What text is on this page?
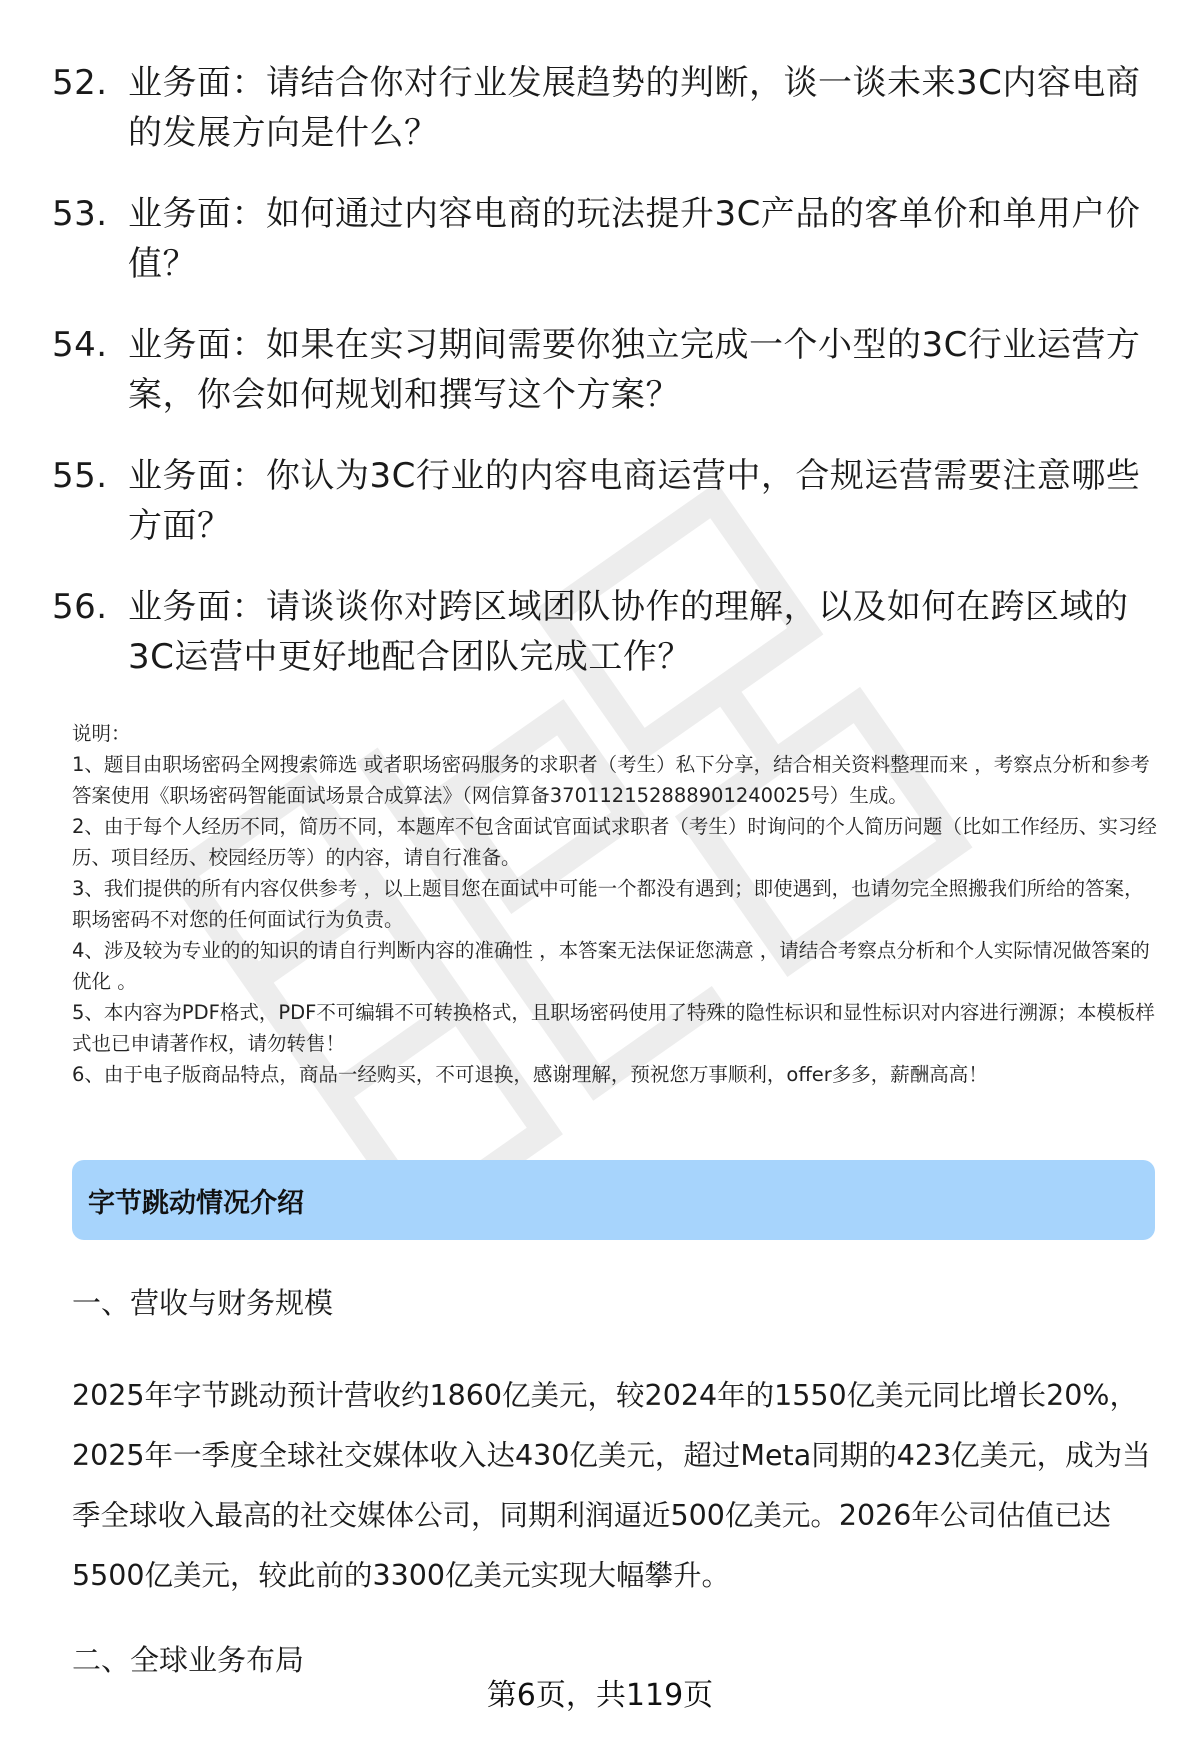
52. 业务面：请结合你对行业发展趋势的判断，谈一谈未来3C内容电商的发展方向是什么？
53. 业务面：如何通过内容电商的玩法提升3C产品的客单价和单用户价值？
54. 业务面：如果在实习期间需要你独立完成一个小型的3C行业运营方案，你会如何规划和撰写这个方案？
55. 业务面：你认为3C行业的内容电商运营中，合规运营需要注意哪些方面？
56. 业务面：请谈谈你对跨区域团队协作的理解，以及如何在跨区域的3C运营中更好地配合团队完成工作？

说明：

1、题目由职场密码全网搜索筛选 或者职场密码服务的求职者（考生）私下分享，结合相关资料整理而来 ，考察点分析和参考答案使用《职场密码智能面试场景合成算法》（网信算备370112152888901240025号）生成。

2、由于每个人经历不同，简历不同，本题库不包含面试官面试求职者（考生）时询问的个人简历问题（比如工作经历、实习经历、项目经历、校园经历等）的内容，请自行准备。

3、我们提供的所有内容仅供参考 ，以上题目您在面试中可能一个都没有遇到；即使遇到，也请勿完全照搬我们所给的答案，职场密码不对您的任何面试行为负责。

4、涉及较为专业的的知识的请自行判断内容的准确性 ，本答案无法保证您满意 ，请结合考察点分析和个人实际情况做答案的优化 。

5、本内容为PDF格式，PDF不可编辑不可转换格式，且职场密码使用了特殊的隐性标识和显性标识对内容进行溯源；本模板样式也已申请著作权，请勿转售！

6、由于电子版商品特点，商品一经购买，不可退换，感谢理解，预祝您万事顺利，offer多多，薪酬高高！

字节跳动情况介绍
一、营收与财务规模
2025年字节跳动预计营收约1860亿美元，较2024年的1550亿美元同比增长20%，2025年一季度全球社交媒体收入达430亿美元，超过Meta同期的423亿美元，成为当季全球收入最高的社交媒体公司，同期利润逼近500亿美元。2026年公司估值已达5500亿美元，较此前的3300亿美元实现大幅攀升。
二、全球业务布局
第6页，共119页
